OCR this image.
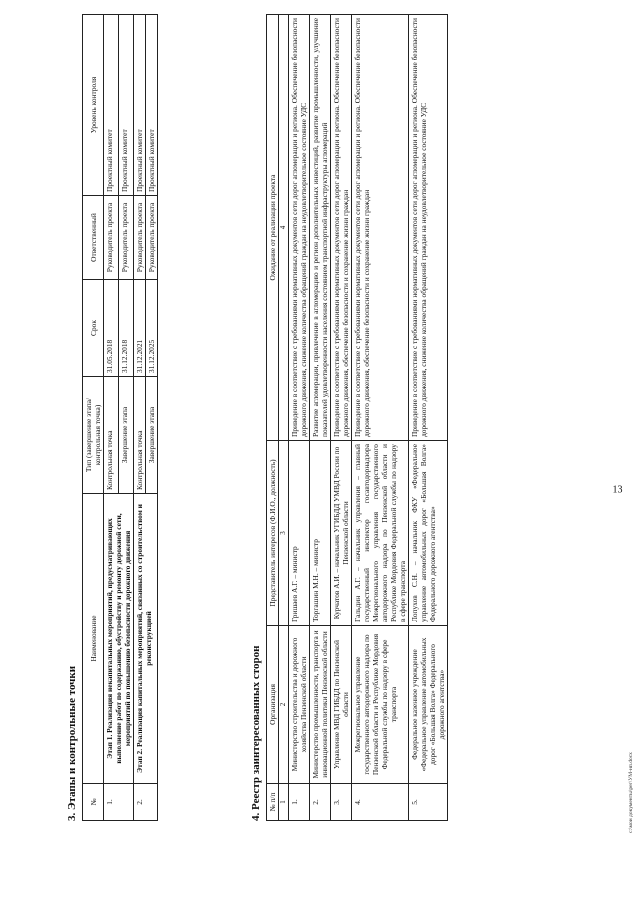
13
3. Этапы и контрольные точки №	Наименование	Тип (завершение этапа/контрольная точка)	Срок	Ответственный	Уровень контроля
1.	Этап 1. Реализация некапитальных мероприятий, предусматривающих выполнение работ по содержанию, обустройству и ремонту дорожной сети, мероприятий по повышению безопасности дорожного движения	Контрольная точка	31.05.2018	Руководитель проекта	Проектный комитет
		Завершение этапа	31.12.2018	Руководитель проекта	Проектный комитет
2.	Этап 2. Реализация капитальных мероприятий, связанных со строительством и реконструкцией	Контрольная точка	31.12.2021	Руководитель проекта	Проектный комитет
		Завершение этапа	31.12.2025	Руководитель проекта	Проектный комитет
4. Реестр заинтересованных сторон № п/п	Организация	Представитель интересов (Ф.И.О., должность)	Ожидание от реализации проекта
1	2	3	4
1.	Министерство строительства и дорожного хозяйства Пензенской области	Гришаев А.Г. – министр	Приведение в соответствие с требованиями нормативных документов сети дорог агломерации и региона. Обеспечение безопасности дорожного движения, снижение количества обращений граждан на неудовлетворительное состояние УДС
2.	Министерство промышленности, транспорта и инновационной политики Пензенской области	Торгашин М.Н. – министр	Развитие агломерации, привлечение в агломерацию и регион дополнительных инвестиций, развитие промышленности, улучшение показателей удовлетворенности населения состоянием транспортной инфраструктуры агломераций
3.	Управление МВД ГИБДД по Пензенской области	Курчатов А.И. – начальник УГИБДД УМВД России по Пензенской области	Приведение в соответствие с требованиями нормативных документов сети дорог агломерации и региона. Обеспечение безопасности дорожного движения, обеспечение безопасности и сохранение жизни граждан
4.	Межрегиональное управление государственного автодорожного надзора по Пензенской области и Республике Мордовия Федеральной службы по надзору в сфере транспорта	Гальдин А.Г. – начальник управления – главный государственный инспектор госавтодорнадзора Межрегионального управления государственного автодорожного надзора по Пензенской области и Республике Мордовия Федеральной службы по надзору в сфере транспорта	Приведение в соответствие с требованиями нормативных документов сети дорог агломерации и региона. Обеспечение безопасности дорожного движения, обеспечение безопасности и сохранение жизни граждан
5.	Федеральное казенное учреждение «Федеральное управление автомобильных дорог «Большая Волга» Федерального дорожного агентства»	Лопухов С.Н. – начальник ФКУ «Федеральное управление автомобильных дорог «Большая Волга» Федерального дорожного агентства»	Приведение в соответствие с требованиями нормативных документов сети дорог агломерации и региона. Обеспечение безопасности дорожного движения, снижение количества обращений граждан на неудовлетворительное состояние УДС
c:\мои документы\рег\УМ-нп.docx
